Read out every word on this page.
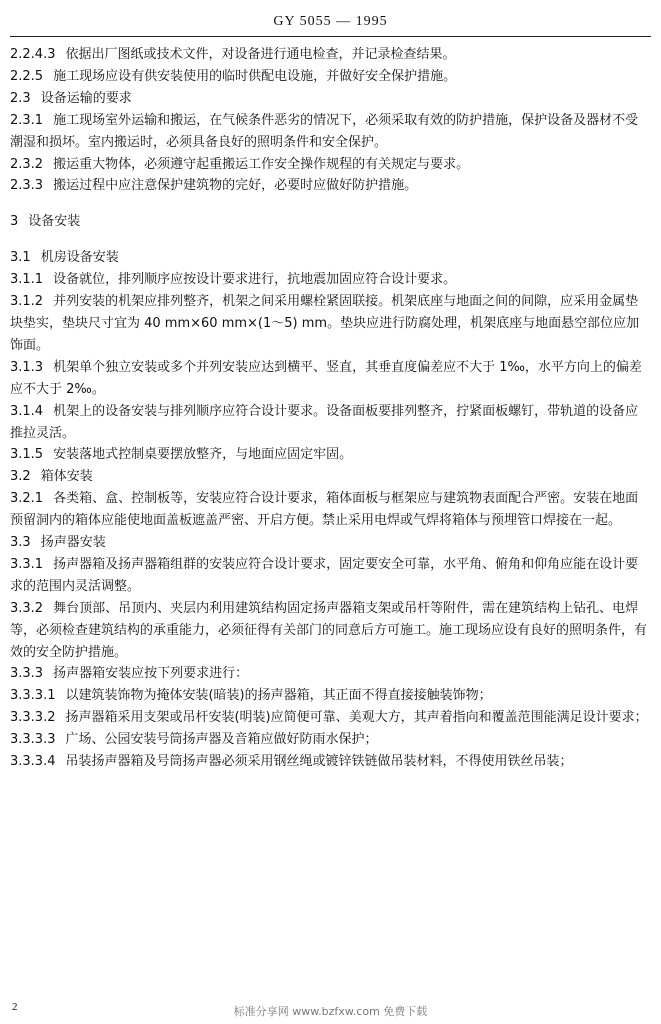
GY 5055 — 1995

2.2.4.3 依据出厂图纸或技术文件，对设备进行通电检查，并记录检查结果。

2.2.5 施工现场应设有供安装使用的临时供配电设施，并做好安全保护措施。

2.3 设备运输的要求

2.3.1 施工现场室外运输和搬运，在气候条件恶劣的情况下，必须采取有效的防护措施，保护设备及器材不受潮湿和损坏。室内搬运时，必须具备良好的照明条件和安全保护。

2.3.2 搬运重大物体，必须遵守起重搬运工作安全操作规程的有关规定与要求。

2.3.3 搬运过程中应注意保护建筑物的完好，必要时应做好防护措施。

3 设备安装

3.1 机房设备安装

3.1.1 设备就位，排列顺序应按设计要求进行，抗地震加固应符合设计要求。

3.1.2 并列安装的机架应排列整齐，机架之间采用螺栓紧固联接。机架底座与地面之间的间隙，应采用金属垫块垫实，垫块尺寸宜为 40 mm×60 mm×(1～5) mm。垫块应进行防腐处理，机架底座与地面悬空部位应加饰面。

3.1.3 机架单个独立安装或多个并列安装应达到横平、竖直，其垂直度偏差应不大于 1‰，水平方向上的偏差应不大于 2‰。

3.1.4 机架上的设备安装与排列顺序应符合设计要求。设备面板要排列整齐，拧紧面板螺钉，带轨道的设备应推拉灵活。

3.1.5 安装落地式控制桌要摆放整齐，与地面应固定牢固。

3.2 箱体安装

3.2.1 各类箱、盒、控制板等，安装应符合设计要求，箱体面板与框架应与建筑物表面配合严密。安装在地面预留洞内的箱体应能使地面盖板遮盖严密、开启方便。禁止采用电焊或气焊将箱体与预埋管口焊接在一起。

3.3 扬声器安装

3.3.1 扬声器箱及扬声器箱组群的安装应符合设计要求，固定要安全可靠，水平角、俯角和仰角应能在设计要求的范围内灵活调整。

3.3.2 舞台顶部、吊顶内、夹层内利用建筑结构固定扬声器箱支架或吊杆等附件，需在建筑结构上钻孔、电焊等，必须检查建筑结构的承重能力，必须征得有关部门的同意后方可施工。施工现场应设有良好的照明条件，有效的安全防护措施。

3.3.3 扬声器箱安装应按下列要求进行：

3.3.3.1 以建筑装饰物为掩体安装(暗装)的扬声器箱，其正面不得直接接触装饰物；

3.3.3.2 扬声器箱采用支架或吊杆安装(明装)应简便可靠、美观大方，其声着指向和覆盖范围能满足设计要求；

3.3.3.3 广场、公园安装号筒扬声器及音箱应做好防雨水保护；

3.3.3.4 吊装扬声器箱及号筒扬声器必须采用钢丝绳或镀锌铁链做吊装材料，不得使用铁丝吊装；

2	标准分享网 www.bzfxw.com 免费下载
